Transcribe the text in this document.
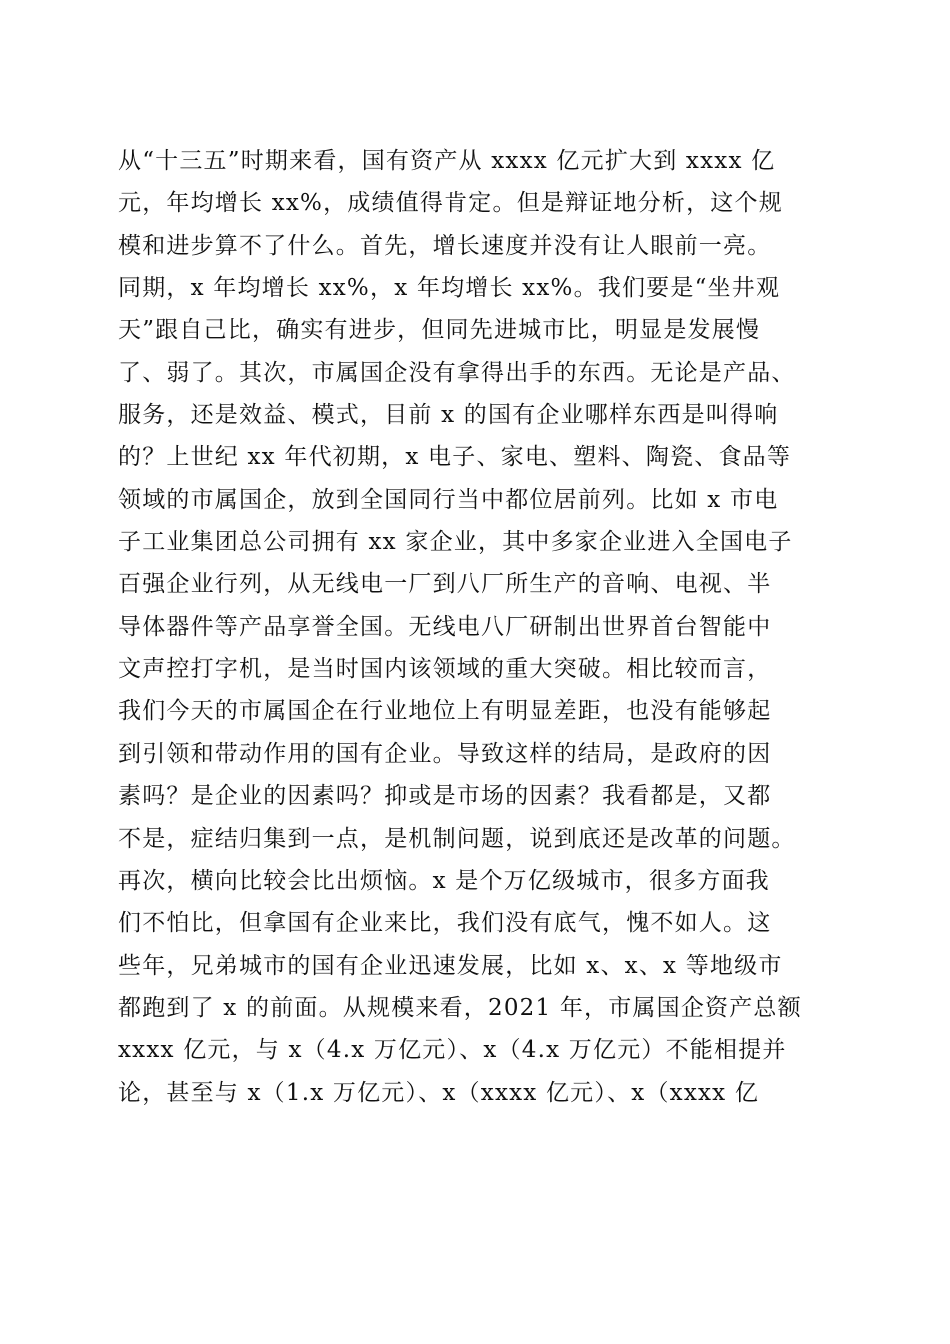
从“十三五”时期来看，国有资产从 xxxx 亿元扩大到 xxxx 亿
元，年均增长 xx%，成绩值得肯定。但是辩证地分析，这个规
模和进步算不了什么。首先，增长速度并没有让人眼前一亮。
同期，x 年均增长 xx%，x 年均增长 xx%。我们要是“坐井观
天”跟自己比，确实有进步，但同先进城市比，明显是发展慢
了、弱了。其次，市属国企没有拿得出手的东西。无论是产品、
服务，还是效益、模式，目前 x 的国有企业哪样东西是叫得响
的？上世纪 xx 年代初期，x 电子、家电、塑料、陶瓷、食品等
领域的市属国企，放到全国同行当中都位居前列。比如 x 市电
子工业集团总公司拥有 xx 家企业，其中多家企业进入全国电子
百强企业行列，从无线电一厂到八厂所生产的音响、电视、半
导体器件等产品享誉全国。无线电八厂研制出世界首台智能中
文声控打字机，是当时国内该领域的重大突破。相比较而言，
我们今天的市属国企在行业地位上有明显差距，也没有能够起
到引领和带动作用的国有企业。导致这样的结局，是政府的因
素吗？是企业的因素吗？抑或是市场的因素？我看都是，又都
不是，症结归集到一点，是机制问题，说到底还是改革的问题。
再次，横向比较会比出烦恼。x 是个万亿级城市，很多方面我
们不怕比，但拿国有企业来比，我们没有底气，愧不如人。这
些年，兄弟城市的国有企业迅速发展，比如 x、x、x 等地级市
都跑到了 x 的前面。从规模来看，2021 年，市属国企资产总额
xxxx 亿元，与 x（4.x 万亿元）、x（4.x 万亿元）不能相提并
论，甚至与 x（1.x 万亿元）、x（xxxx 亿元）、x（xxxx 亿
